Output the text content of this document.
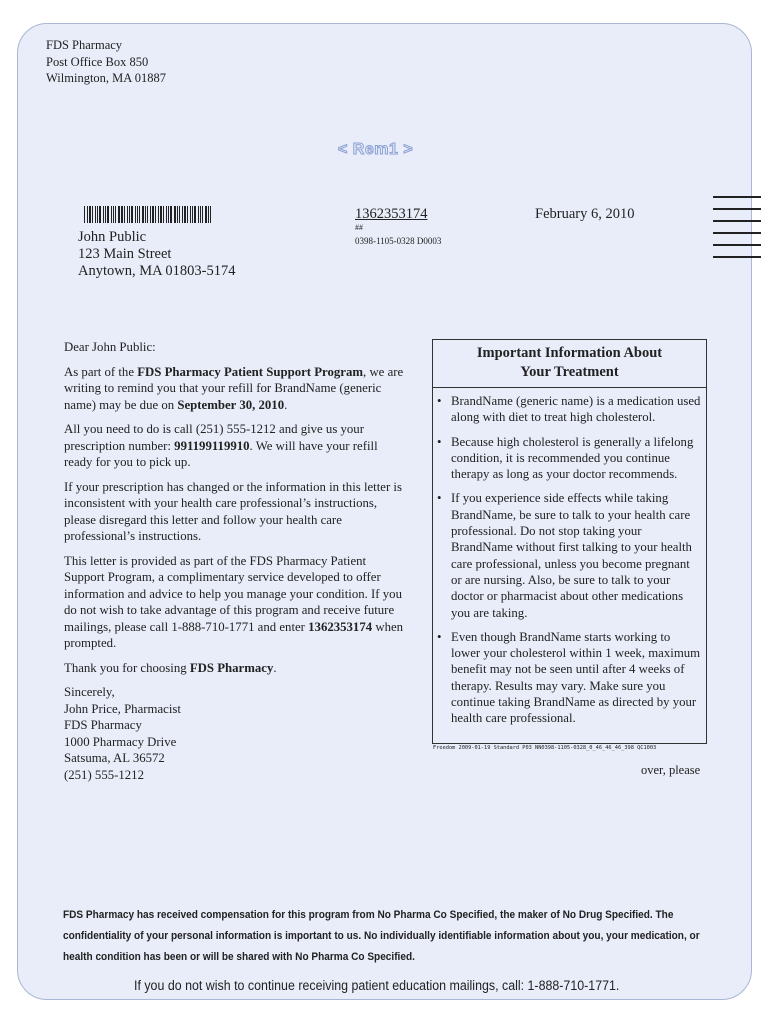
FDS Pharmacy
Post Office Box 850
Wilmington, MA 01887
< Rem1 >
John Public
123 Main Street
Anytown, MA 01803-5174
1362353174
##
0398-1105-0328 D0003
February 6, 2010

Dear John Public:

As part of the FDS Pharmacy Patient Support Program, we are writing to remind you that your refill for BrandName (generic name) may be due on September 30, 2010.

All you need to do is call (251) 555-1212 and give us your prescription number: 991199119910. We will have your refill ready for you to pick up.

If your prescription has changed or the information in this letter is inconsistent with your health care professional’s instructions, please disregard this letter and follow your health care professional’s instructions.

This letter is provided as part of the FDS Pharmacy Patient Support Program, a complimentary service developed to offer information and advice to help you manage your condition. If you do not wish to take advantage of this program and receive future mailings, please call 1-888-710-1771 and enter 1362353174 when prompted.

Thank you for choosing FDS Pharmacy.

Sincerely,
John Price, Pharmacist
FDS Pharmacy
1000 Pharmacy Drive
Satsuma, AL 36572
(251) 555-1212
Important Information About
Your Treatment
• BrandName (generic name) is a medication used along with diet to treat high cholesterol.
• Because high cholesterol is generally a lifelong condition, it is recommended you continue therapy as long as your doctor recommends.
• If you experience side effects while taking BrandName, be sure to talk to your health care professional. Do not stop taking your BrandName without first talking to your health care professional, unless you become pregnant or are nursing. Also, be sure to talk to your doctor or pharmacist about other medications you are taking.
• Even though BrandName starts working to lower your cholesterol within 1 week, maximum benefit may not be seen until after 4 weeks of therapy. Results may vary. Make sure you continue taking BrandName as directed by your health care professional.
Freedom 2009-01-19 Standard P03 NN0398-1105-0328_0_46_46_46_398 QC1003
over, please
FDS Pharmacy has received compensation for this program from No Pharma Co Specified, the maker of No Drug Specified. The confidentiality of your personal information is important to us. No individually identifiable information about you, your medication, or health condition has been or will be shared with No Pharma Co Specified.
If you do not wish to continue receiving patient education mailings, call: 1-888-710-1771.
